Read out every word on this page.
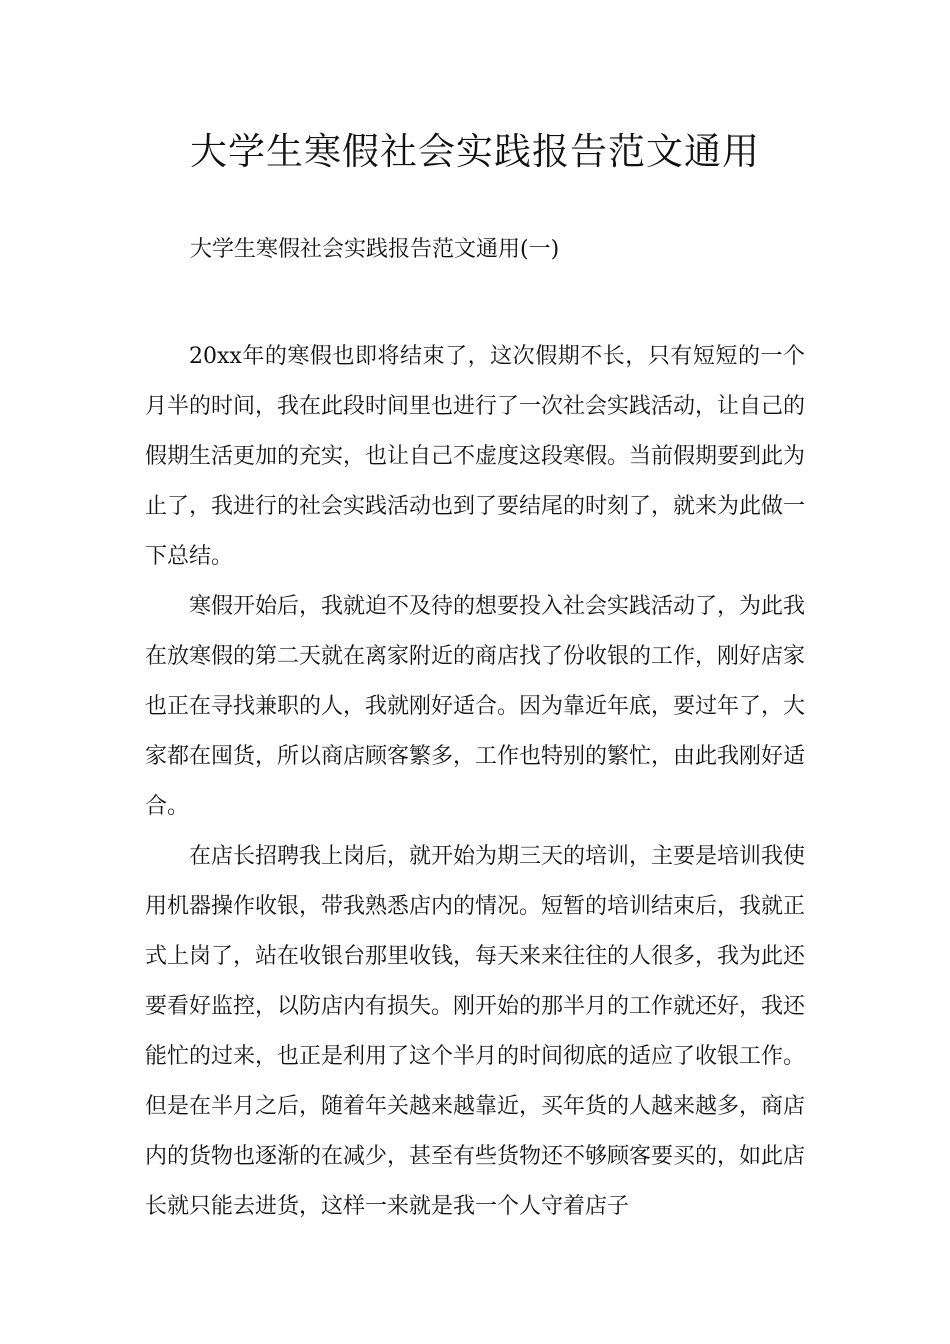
大学生寒假社会实践报告范文通用

大学生寒假社会实践报告范文通用(一)

20xx年的寒假也即将结束了，这次假期不长，只有短短的一个月半的时间，我在此段时间里也进行了一次社会实践活动，让自己的假期生活更加的充实，也让自己不虚度这段寒假。当前假期要到此为止了，我进行的社会实践活动也到了要结尾的时刻了，就来为此做一下总结。

寒假开始后，我就迫不及待的想要投入社会实践活动了，为此我在放寒假的第二天就在离家附近的商店找了份收银的工作，刚好店家也正在寻找兼职的人，我就刚好适合。因为靠近年底，要过年了，大家都在囤货，所以商店顾客繁多，工作也特别的繁忙，由此我刚好适合。

在店长招聘我上岗后，就开始为期三天的培训，主要是培训我使用机器操作收银，带我熟悉店内的情况。短暂的培训结束后，我就正式上岗了，站在收银台那里收钱，每天来来往往的人很多，我为此还要看好监控，以防店内有损失。刚开始的那半月的工作就还好，我还能忙的过来，也正是利用了这个半月的时间彻底的适应了收银工作。但是在半月之后，随着年关越来越靠近，买年货的人越来越多，商店内的货物也逐渐的在减少，甚至有些货物还不够顾客要买的，如此店长就只能去进货，这样一来就是我一个人守着店子
